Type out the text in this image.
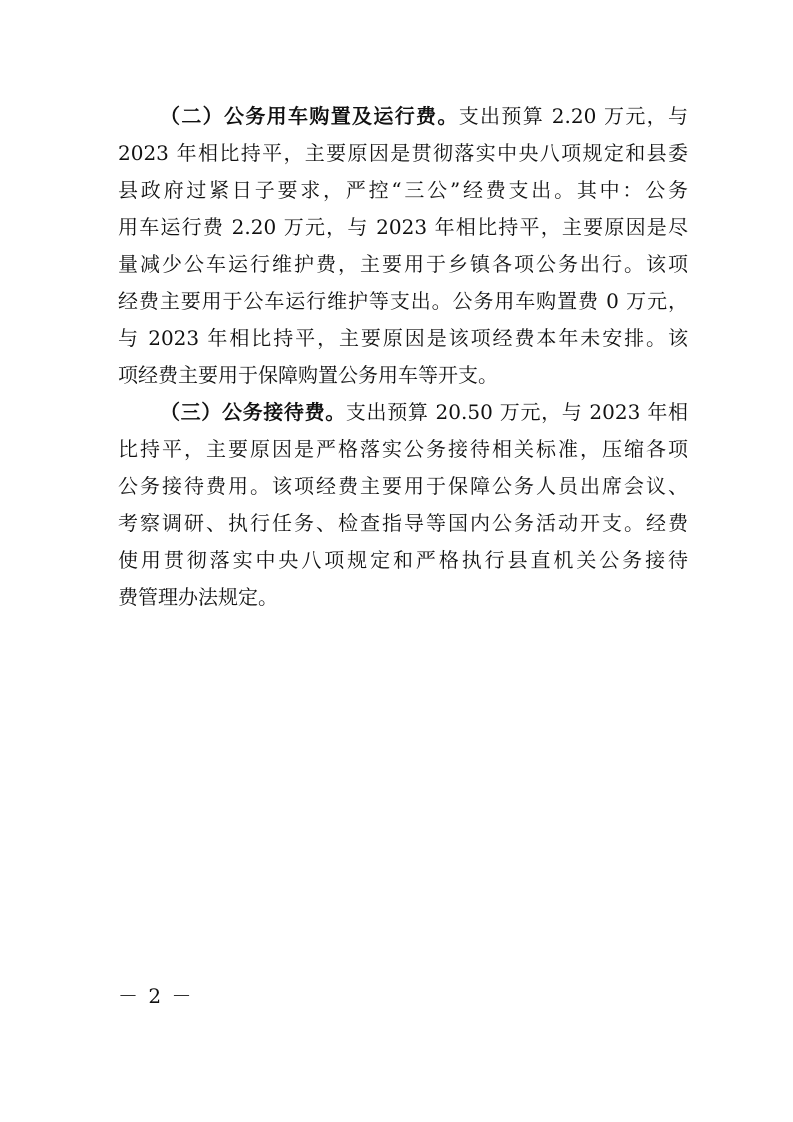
（二）公务用车购置及运行费。支出预算 2.20 万元，与
2023 年相比持平，主要原因是贯彻落实中央八项规定和县委
县政府过紧日子要求，严控“三公”经费支出。其中：公务
用车运行费 2.20 万元，与 2023 年相比持平，主要原因是尽
量减少公车运行维护费，主要用于乡镇各项公务出行。该项
经费主要用于公车运行维护等支出。公务用车购置费 0 万元，
与 2023 年相比持平，主要原因是该项经费本年未安排。该
项经费主要用于保障购置公务用车等开支。
（三）公务接待费。支出预算 20.50 万元，与 2023 年相
比持平，主要原因是严格落实公务接待相关标准，压缩各项
公务接待费用。该项经费主要用于保障公务人员出席会议、
考察调研、执行任务、检查指导等国内公务活动开支。经费
使用贯彻落实中央八项规定和严格执行县直机关公务接待
费管理办法规定。
－ 2 －
